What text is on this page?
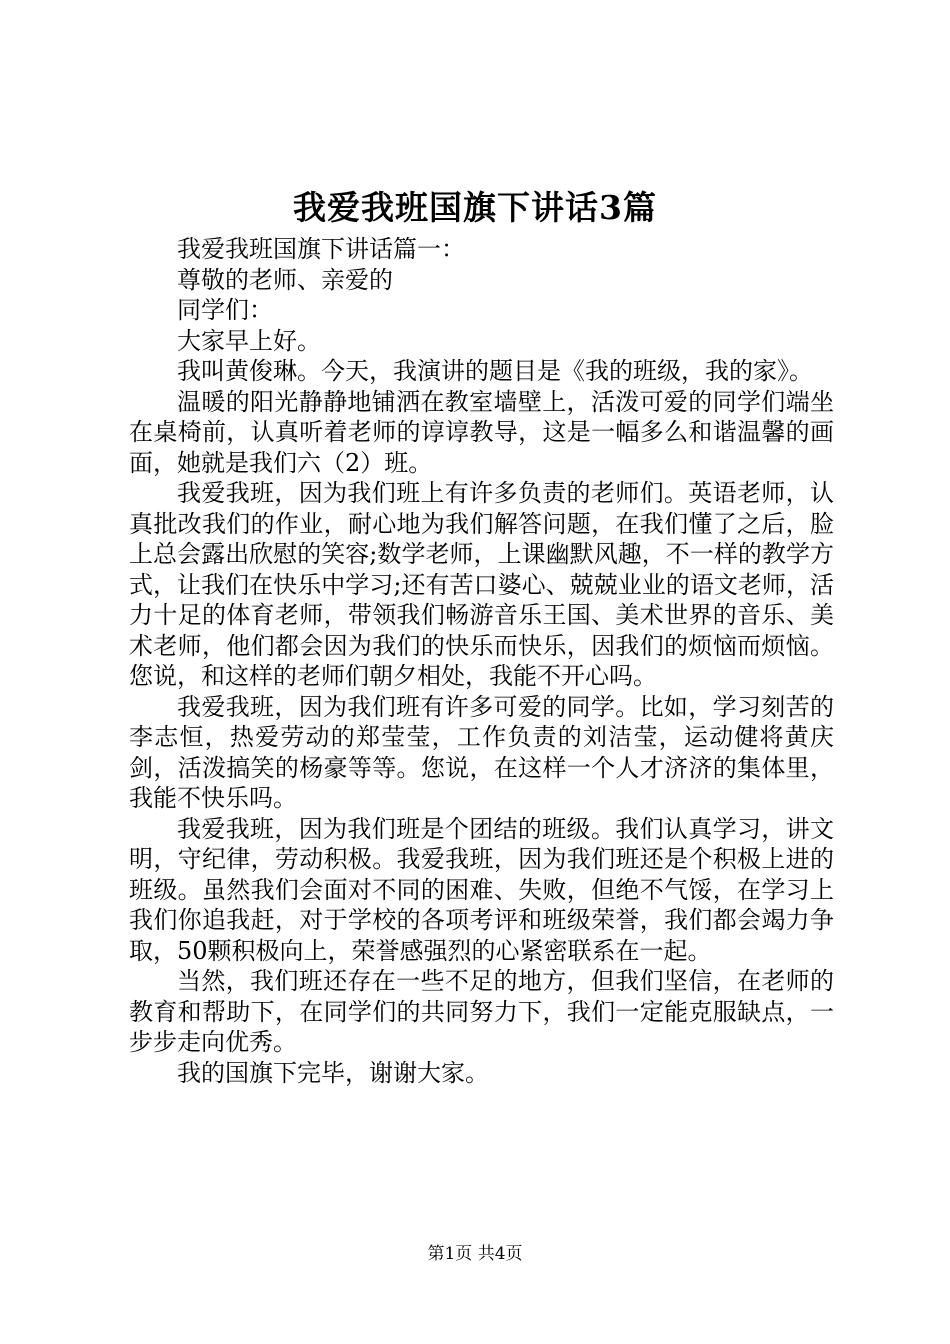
我爱我班国旗下讲话3篇

我爱我班国旗下讲话篇一：

尊敬的老师、亲爱的

同学们：

大家早上好。

我叫黄俊琳。今天，我演讲的题目是《我的班级，我的家》。

温暖的阳光静静地铺洒在教室墙壁上，活泼可爱的同学们端坐在桌椅前，认真听着老师的谆谆教导，这是一幅多么和谐温馨的画面，她就是我们六（2）班。

我爱我班，因为我们班上有许多负责的老师们。英语老师，认真批改我们的作业，耐心地为我们解答问题，在我们懂了之后，脸上总会露出欣慰的笑容;数学老师，上课幽默风趣，不一样的教学方式，让我们在快乐中学习;还有苦口婆心、兢兢业业的语文老师，活力十足的体育老师，带领我们畅游音乐王国、美术世界的音乐、美术老师，他们都会因为我们的快乐而快乐，因我们的烦恼而烦恼。您说，和这样的老师们朝夕相处，我能不开心吗。

我爱我班，因为我们班有许多可爱的同学。比如，学习刻苦的李志恒，热爱劳动的郑莹莹，工作负责的刘洁莹，运动健将黄庆剑，活泼搞笑的杨豪等等。您说，在这样一个人才济济的集体里，我能不快乐吗。

我爱我班，因为我们班是个团结的班级。我们认真学习，讲文明，守纪律，劳动积极。我爱我班，因为我们班还是个积极上进的班级。虽然我们会面对不同的困难、失败，但绝不气馁，在学习上我们你追我赶，对于学校的各项考评和班级荣誉，我们都会竭力争取，50颗积极向上，荣誉感强烈的心紧密联系在一起。

当然，我们班还存在一些不足的地方，但我们坚信，在老师的教育和帮助下，在同学们的共同努力下，我们一定能克服缺点，一步步走向优秀。

我的国旗下完毕，谢谢大家。

第1页 共4页
